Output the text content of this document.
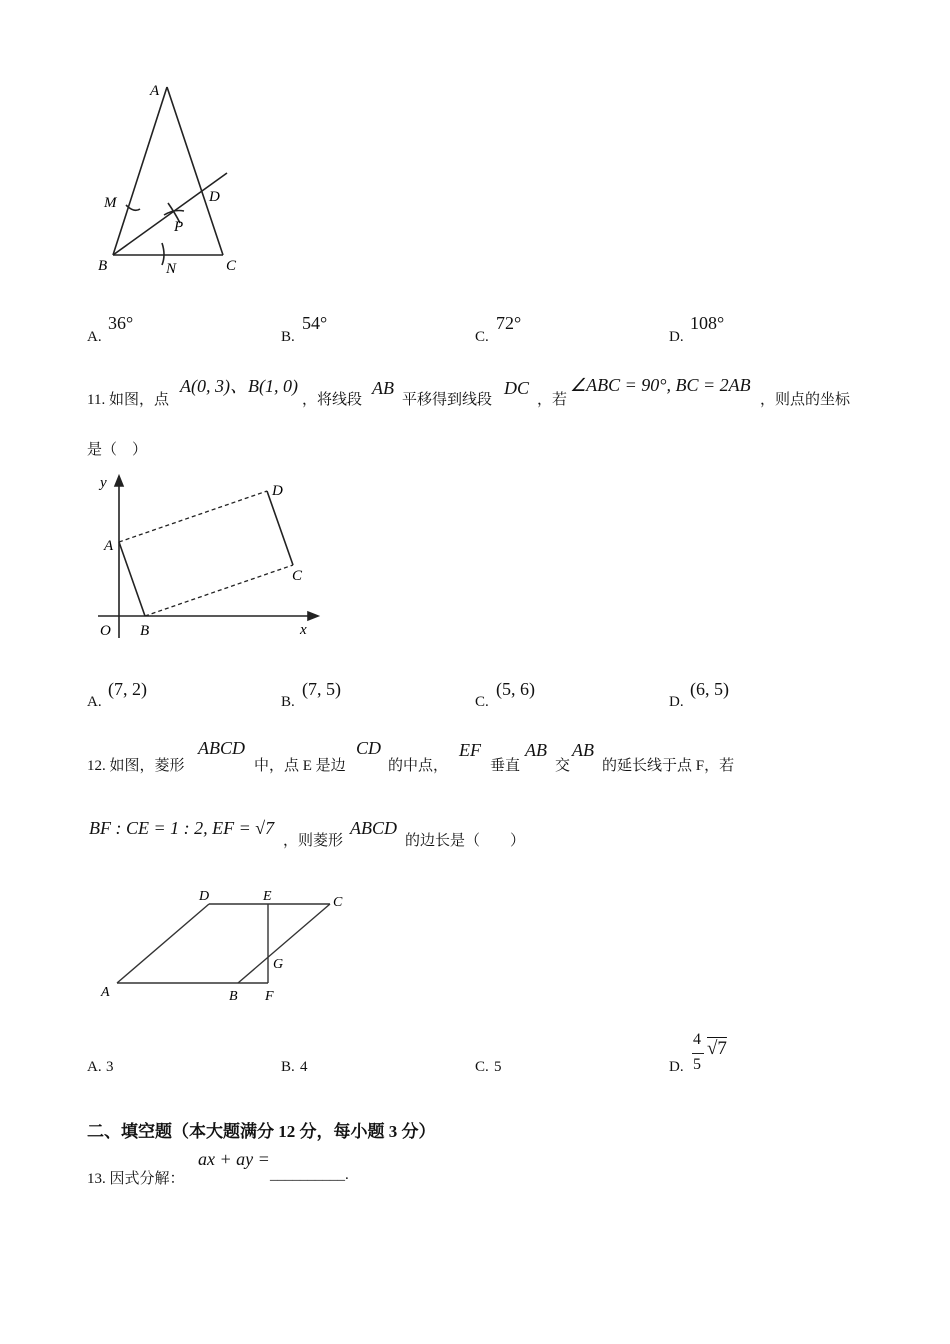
A
B	C
D
M
N
P
A.
36°
B.
54°
C.
72°
D.
108°
11. 如图，点
A(0, 3)、B(1, 0)
，将线段
AB
平移得到线段
DC
，若
∠ABC = 90°, BC = 2AB
，则点的坐标
是（　）
y
x
O
A
B
C
D
A.
(7, 2)
B.
(7, 5)
C.
(5, 6)
D.
(6, 5)
12. 如图，菱形
ABCD
中，点 E 是边
CD
的中点，
EF
垂直
AB
交
AB
的延长线于点 F，若
BF : CE = 1 : 2, EF = √7
，则菱形
ABCD
的边长是（　　）
A	B
C
D	E
F
G
A. 3	B. 4	C. 5	D.
4
5
√7
二、填空题（本大题满分 12 分，每小题 3 分）
13. 因式分解：
ax + ay =
__________.
